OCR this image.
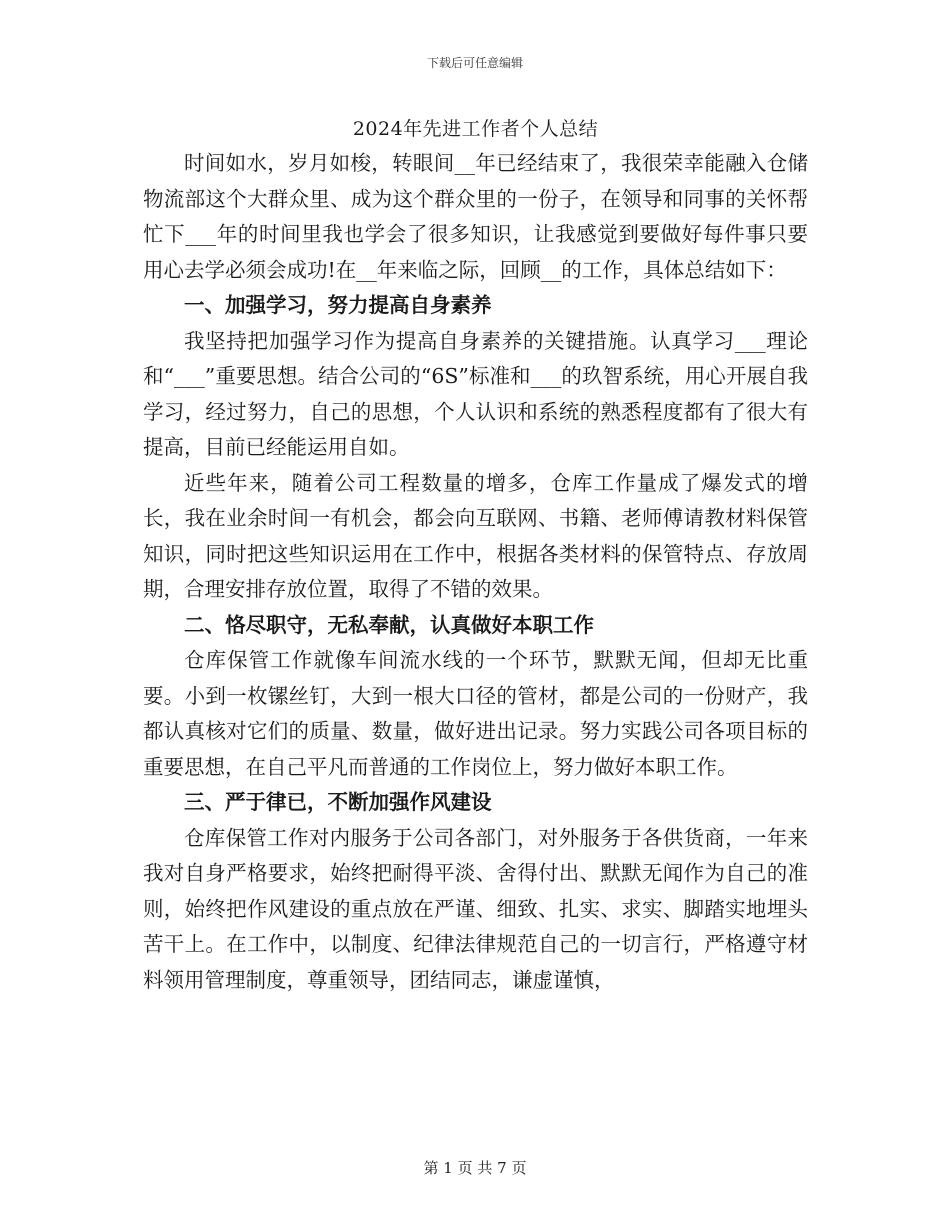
下载后可任意编辑
2024年先进工作者个人总结

时间如水，岁月如梭，转眼间__年已经结束了，我很荣幸能融入仓储物流部这个大群众里、成为这个群众里的一份子，在领导和同事的关怀帮忙下___年的时间里我也学会了很多知识，让我感觉到要做好每件事只要用心去学必须会成功!在__年来临之际，回顾__的工作，具体总结如下：

一、加强学习，努力提高自身素养

我坚持把加强学习作为提高自身素养的关键措施。认真学习___理论和“___”重要思想。结合公司的“6S”标准和___的玖智系统，用心开展自我学习，经过努力，自己的思想，个人认识和系统的熟悉程度都有了很大有提高，目前已经能运用自如。

近些年来，随着公司工程数量的增多，仓库工作量成了爆发式的增长，我在业余时间一有机会，都会向互联网、书籍、老师傅请教材料保管知识，同时把这些知识运用在工作中，根据各类材料的保管特点、存放周期，合理安排存放位置，取得了不错的效果。

二、恪尽职守，无私奉献，认真做好本职工作

仓库保管工作就像车间流水线的一个环节，默默无闻，但却无比重要。小到一枚镙丝钉，大到一根大口径的管材，都是公司的一份财产，我都认真核对它们的质量、数量，做好进出记录。努力实践公司各项目标的重要思想，在自己平凡而普通的工作岗位上，努力做好本职工作。

三、严于律已，不断加强作风建设

仓库保管工作对内服务于公司各部门，对外服务于各供货商，一年来我对自身严格要求，始终把耐得平淡、舍得付出、默默无闻作为自己的准则，始终把作风建设的重点放在严谨、细致、扎实、求实、脚踏实地埋头苦干上。在工作中，以制度、纪律法律规范自己的一切言行，严格遵守材料领用管理制度，尊重领导，团结同志，谦虚谨慎，

第 1 页 共 7 页
